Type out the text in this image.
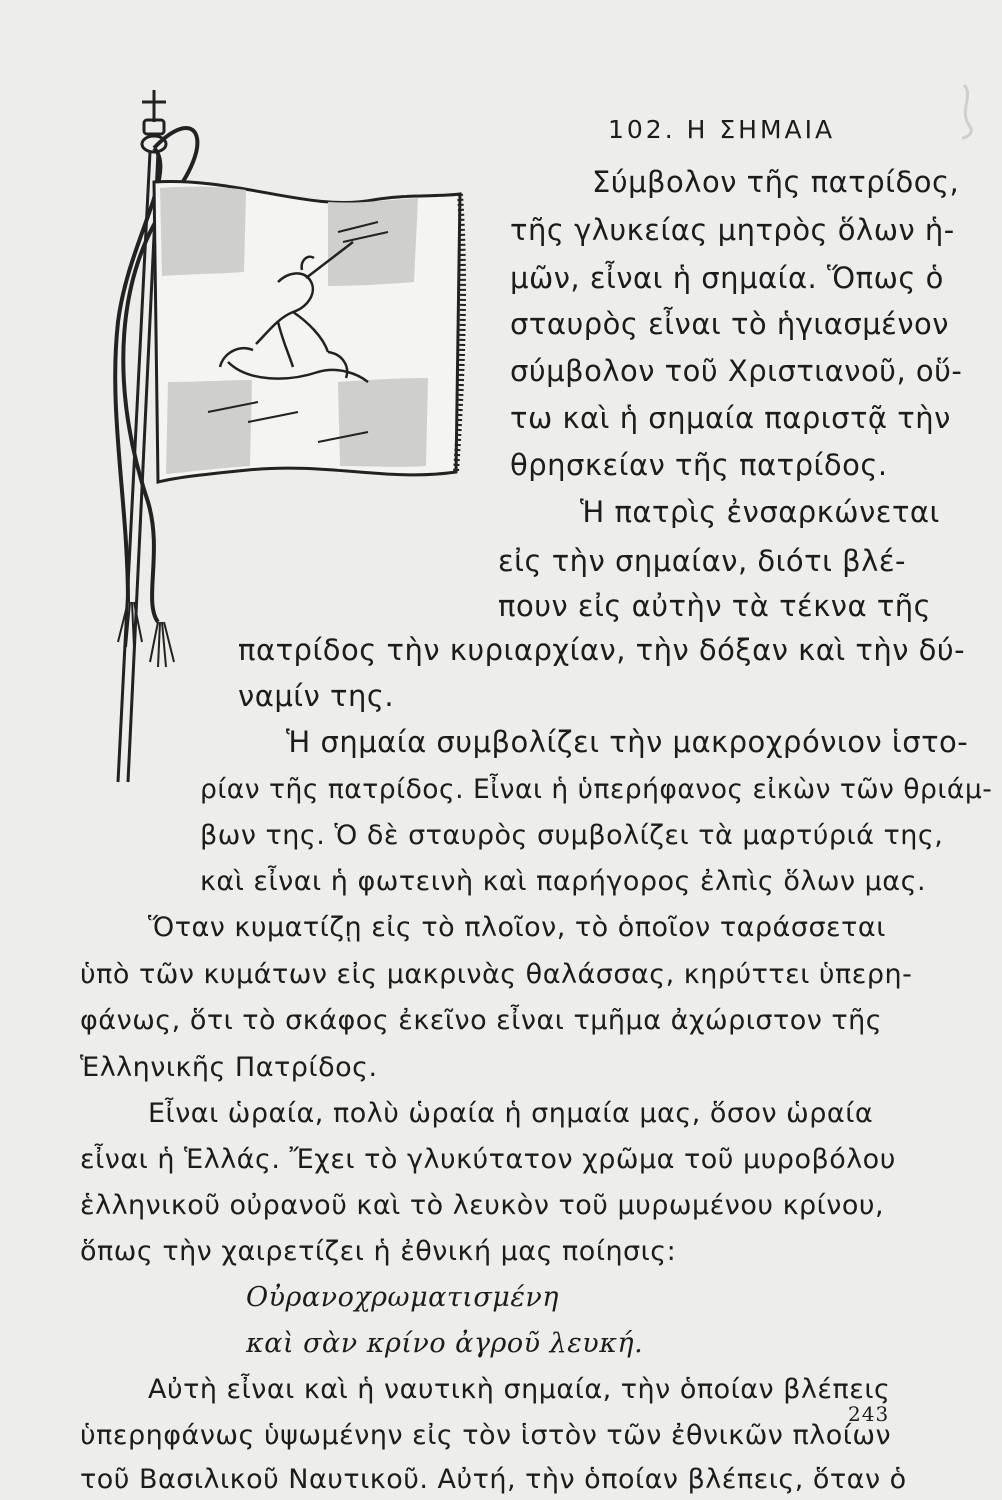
102. Η ΣΗΜΑΙΑ
Σύμβολον τῆς πατρίδος,
τῆς γλυκείας μητρὸς ὅλων ἡ-
μῶν, εἶναι ἡ σημαία. Ὅπως ὁ
σταυρὸς εἶναι τὸ ἡγιασμένον
σύμβολον τοῦ Χριστιανοῦ, οὕ-
τω καὶ ἡ σημαία παριστᾷ τὴν
θρησκείαν τῆς πατρίδος.
Ἡ πατρὶς ἐνσαρκώνεται
εἰς τὴν σημαίαν, διότι βλέ-
πουν εἰς αὐτὴν τὰ τέκνα τῆς
πατρίδος τὴν κυριαρχίαν, τὴν δόξαν καὶ τὴν δύ-
ναμίν της.
Ἡ σημαία συμβολίζει τὴν μακροχρόνιον ἱστο-
ρίαν τῆς πατρίδος. Εἶναι ἡ ὑπερήφανος εἰκὼν τῶν θριάμ-
βων της. Ὁ δὲ σταυρὸς συμβολίζει τὰ μαρτύριά της,
καὶ εἶναι ἡ φωτεινὴ καὶ παρήγορος ἐλπὶς ὅλων μας.
Ὅταν κυματίζῃ εἰς τὸ πλοῖον, τὸ ὁποῖον ταράσσεται
ὑπὸ τῶν κυμάτων εἰς μακρινὰς θαλάσσας, κηρύττει ὑπερη-
φάνως, ὅτι τὸ σκάφος ἐκεῖνο εἶναι τμῆμα ἀχώριστον τῆς
Ἑλληνικῆς Πατρίδος.
Εἶναι ὡραία, πολὺ ὡραία ἡ σημαία μας, ὅσον ὡραία
εἶναι ἡ Ἑλλάς. Ἔχει τὸ γλυκύτατον χρῶμα τοῦ μυροβόλου
ἑλληνικοῦ οὐρανοῦ καὶ τὸ λευκὸν τοῦ μυρωμένου κρίνου,
ὅπως τὴν χαιρετίζει ἡ ἐθνική μας ποίησις:
Οὐρανοχρωματισμένη
καὶ σὰν κρίνο ἀγροῦ λευκή.
Αὐτὴ εἶναι καὶ ἡ ναυτικὴ σημαία, τὴν ὁποίαν βλέπεις
ὑπερηφάνως ὑψωμένην εἰς τὸν ἱστὸν τῶν ἐθνικῶν πλοίων
τοῦ Βασιλικοῦ Ναυτικοῦ. Αὐτή, τὴν ὁποίαν βλέπεις, ὅταν ὁ
243
